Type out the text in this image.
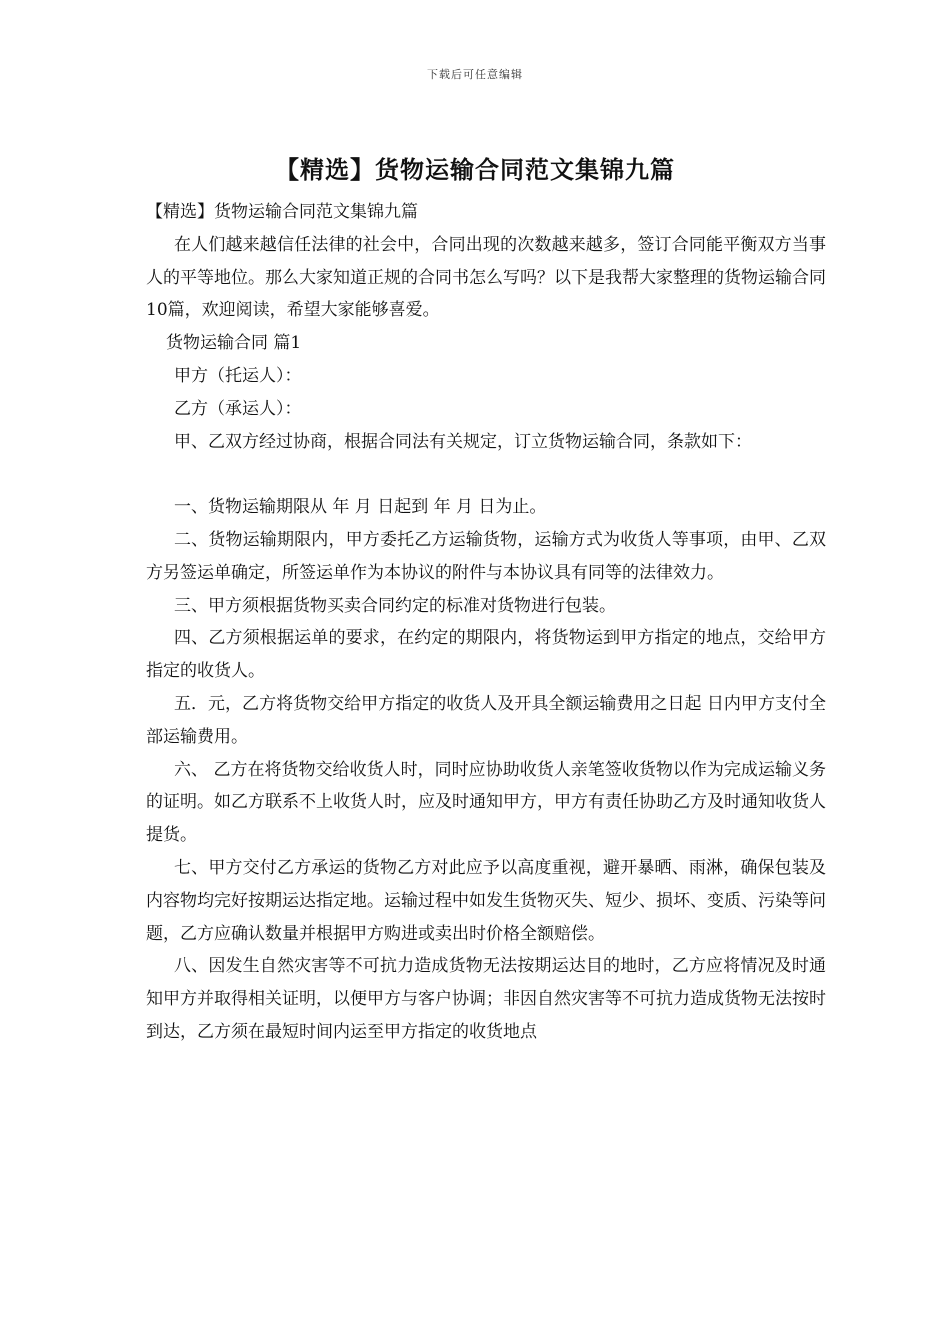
下载后可任意编辑
【精选】货物运输合同范文集锦九篇

【精选】货物运输合同范文集锦九篇

在人们越来越信任法律的社会中，合同出现的次数越来越多，签订合同能平衡双方当事人的平等地位。那么大家知道正规的合同书怎么写吗？以下是我帮大家整理的货物运输合同10篇，欢迎阅读，希望大家能够喜爱。

货物运输合同 篇1

甲方（托运人）：

乙方（承运人）：

甲、乙双方经过协商，根据合同法有关规定，订立货物运输合同，条款如下：

一、货物运输期限从 年 月 日起到 年 月 日为止。

二、货物运输期限内，甲方委托乙方运输货物，运输方式为收货人等事项，由甲、乙双方另签运单确定，所签运单作为本协议的附件与本协议具有同等的法律效力。

三、甲方须根据货物买卖合同约定的标准对货物进行包装。

四、乙方须根据运单的要求，在约定的期限内，将货物运到甲方指定的地点，交给甲方指定的收货人。

五．元，乙方将货物交给甲方指定的收货人及开具全额运输费用之日起 日内甲方支付全部运输费用。

六、 乙方在将货物交给收货人时，同时应协助收货人亲笔签收货物以作为完成运输义务的证明。如乙方联系不上收货人时，应及时通知甲方，甲方有责任协助乙方及时通知收货人提货。

七、甲方交付乙方承运的货物乙方对此应予以高度重视，避开暴晒、雨淋，确保包装及内容物均完好按期运达指定地。运输过程中如发生货物灭失、短少、损坏、变质、污染等问题，乙方应确认数量并根据甲方购进或卖出时价格全额赔偿。

八、因发生自然灾害等不可抗力造成货物无法按期运达目的地时，乙方应将情况及时通知甲方并取得相关证明，以便甲方与客户协调；非因自然灾害等不可抗力造成货物无法按时到达，乙方须在最短时间内运至甲方指定的收货地点
